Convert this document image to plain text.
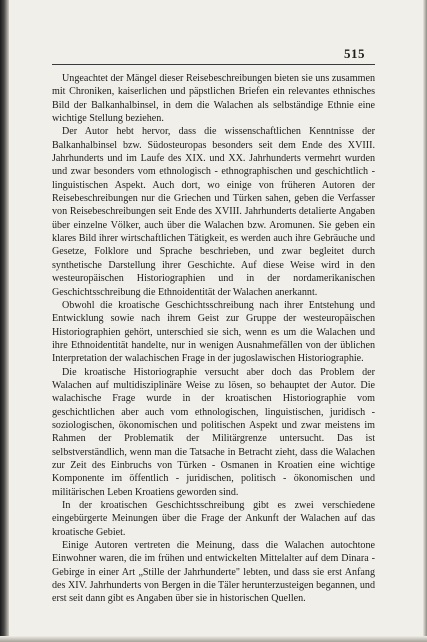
515

Ungeachtet der Mängel dieser Reisebeschreibungen bieten sie uns zusammen mit Chroniken, kaiserlichen und päpstlichen Briefen ein relevantes ethnisches Bild der Balkanhalbinsel, in dem die Walachen als selbständige Ethnie eine wichtige Stellung beziehen.

Der Autor hebt hervor, dass die wissenschaftlichen Kenntnisse der Balkanhalbinsel bzw. Südosteuropas besonders seit dem Ende des XVIII. Jahrhunderts und im Laufe des XIX. und XX. Jahrhunderts vermehrt wurden und zwar besonders vom ethnologisch - ethnographischen und geschichtlich - linguistischen Aspekt. Auch dort, wo einige von früheren Autoren der Reisebeschreibungen nur die Griechen und Türken sahen, geben die Verfasser von Reisebeschreibungen seit Ende des XVIII. Jahrhunderts detalierte Angaben über einzelne Völker, auch über die Walachen bzw. Aromunen. Sie geben ein klares Bild ihrer wirtschaftlichen Tätigkeit, es werden auch ihre Gebräuche und Gesetze, Folklore und Sprache beschrieben, und zwar begleitet durch synthetische Darstellung ihrer Geschichte. Auf diese Weise wird in den westeuropäischen Historiographien und in der nordamerikanischen Geschichtsschreibung die Ethnoidentität der Walachen anerkannt.

Obwohl die kroatische Geschichtsschreibung nach ihrer Entstehung und Entwicklung sowie nach ihrem Geist zur Gruppe der westeuropäischen Historiographien gehört, unterschied sie sich, wenn es um die Walachen und ihre Ethnoidentität handelte, nur in wenigen Ausnahmefällen von der üblichen Interpretation der walachischen Frage in der jugoslawischen Historiographie.

Die kroatische Historiographie versucht aber doch das Problem der Walachen auf multidisziplinäre Weise zu lösen, so behauptet der Autor. Die walachische Frage wurde in der kroatischen Historiographie vom geschichtlichen aber auch vom ethnologischen, linguistischen, juridisch - soziologischen, ökonomischen und politischen Aspekt und zwar meistens im Rahmen der Problematik der Militärgrenze untersucht. Das ist selbstverständlich, wenn man die Tatsache in Betracht zieht, dass die Walachen zur Zeit des Einbruchs von Türken - Osmanen in Kroatien eine wichtige Komponente im öffentlich - juridischen, politisch - ökonomischen und militärischen Leben Kroatiens geworden sind.

In der kroatischen Geschichtsschreibung gibt es zwei verschiedene eingebürgerte Meinungen über die Frage der Ankunft der Walachen auf das kroatische Gebiet.

Einige Autoren vertreten die Meinung, dass die Walachen autochtone Einwohner waren, die im frühen und entwickelten Mittelalter auf dem Dinara - Gebirge in einer Art „Stille der Jahrhunderte" lebten, und dass sie erst Anfang des XIV. Jahrhunderts von Bergen in die Täler herunterzusteigen begannen, und erst seit dann gibt es Angaben über sie in historischen Quellen.
